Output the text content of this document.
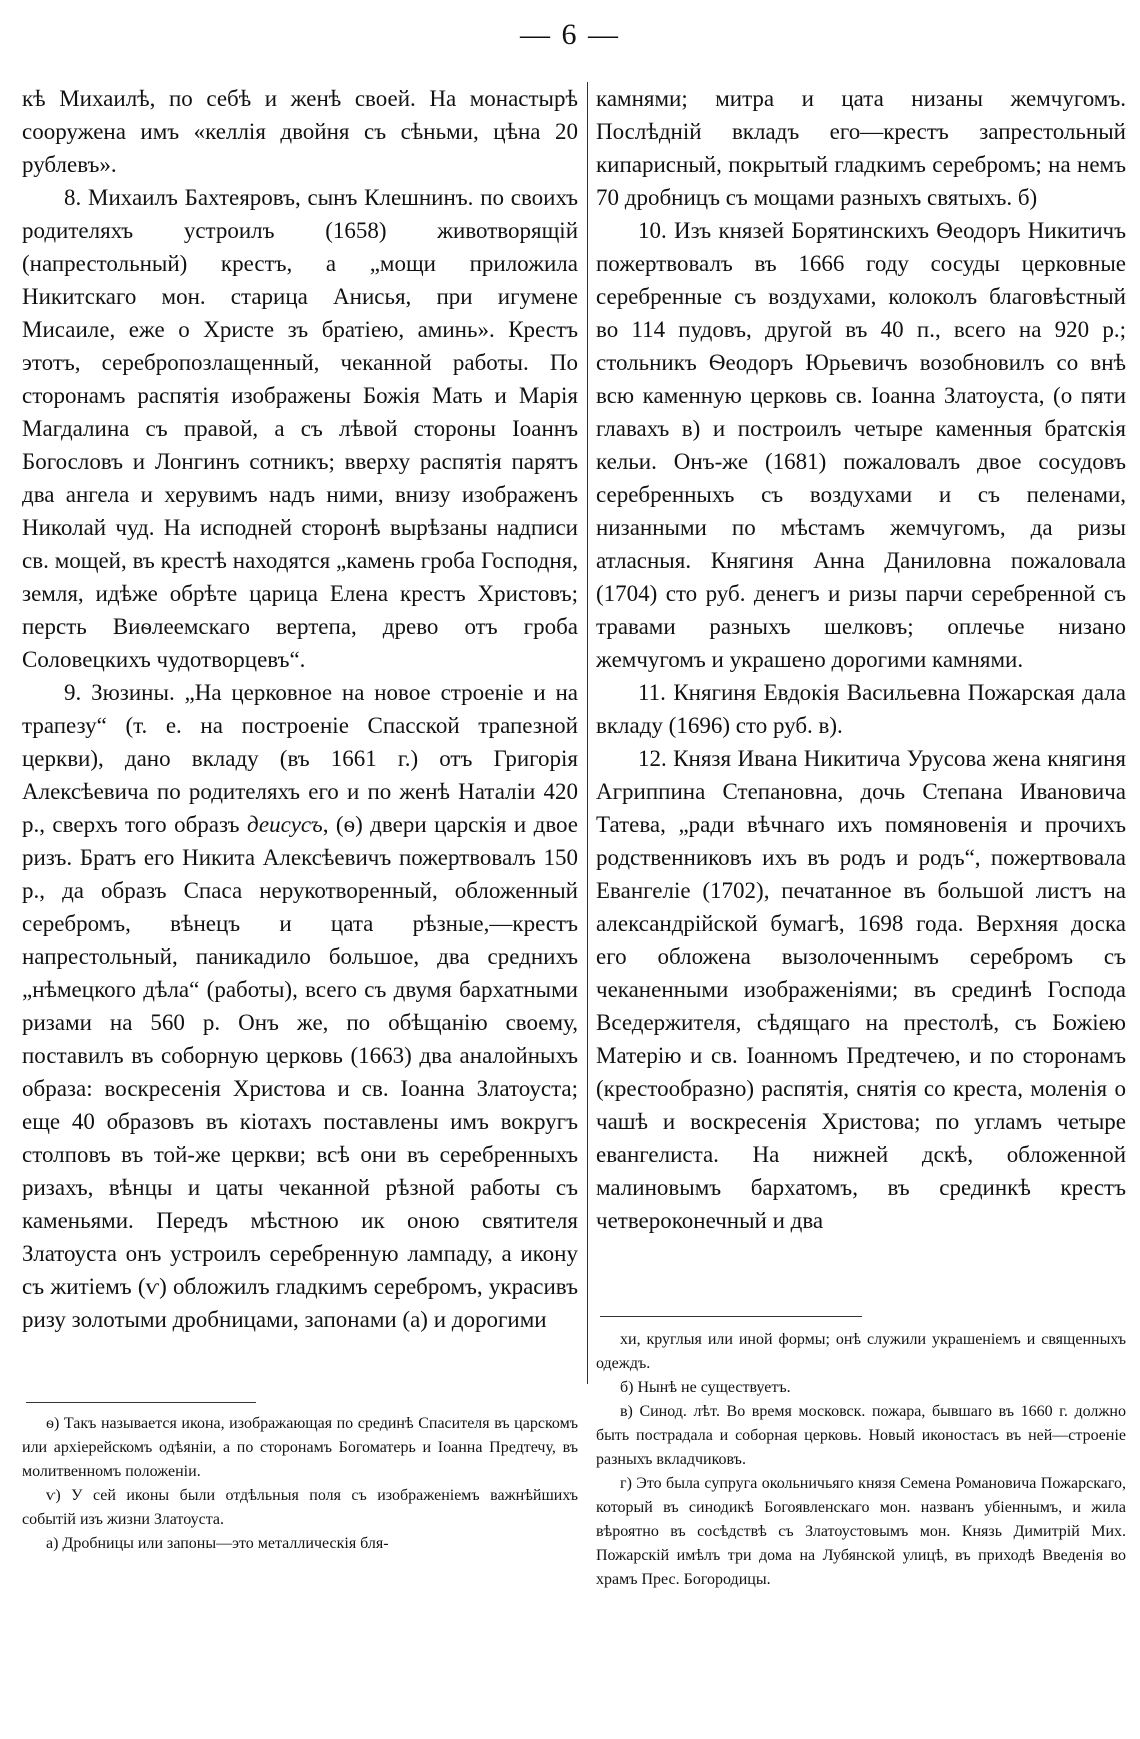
— 6 —

кѣ Михаилѣ, по себѣ и женѣ своей. На монастырѣ сооружена имъ «келлія двойня съ сѣньми, цѣна 20 рублевъ».

8. Михаилъ Бахтеяровъ, сынъ Клешнинъ. по своихъ родителяхъ устроилъ (1658) животворящій (напрестольный) крестъ, а „мощи приложила Никитскаго мон. старица Анисья, при игумене Мисаиле, еже о Христе зъ братіею, аминь». Крестъ этотъ, серебропозлащенный, чеканной работы. По сторонамъ распятія изображены Божія Мать и Марія Магдалина съ правой, а съ лѣвой стороны Іоаннъ Богословъ и Лонгинъ сотникъ; вверху распятія парятъ два ангела и херувимъ надъ ними, внизу изображенъ Николай чуд. На исподней сторонѣ вырѣзаны надписи св. мощей, въ крестѣ находятся „камень гроба Господня, земля, идѣже обрѣте царица Елена крестъ Христовъ; персть Виѳлеемскаго вертепа, древо отъ гроба Соловецкихъ чудотворцевъ“.

9. Зюзины. „На церковное на новое строеніе и на трапезу“ (т. е. на построеніе Спасской трапезной церкви), дано вкладу (въ 1661 г.) отъ Григорія Алексѣевича по родителяхъ его и по женѣ Наталіи 420 р., сверхъ того образъ деисусъ, (ѳ) двери царскія и двое ризъ. Братъ его Никита Алексѣевичъ пожертвовалъ 150 р., да образъ Спаса нерукотворенный, обложенный серебромъ, вѣнецъ и цата рѣзные,—крестъ напрестольный, паникадило большое, два среднихъ „нѣмецкого дѣла“ (работы), всего съ двумя бархатными ризами на 560 р. Онъ же, по обѣщанію своему, поставилъ въ соборную церковь (1663) два аналойныхъ образа: воскресенія Христова и св. Іоанна Златоуста; еще 40 образовъ въ кіотахъ поставлены имъ вокругъ столповъ въ той-же церкви; всѣ они въ серебренныхъ ризахъ, вѣнцы и цаты чеканной рѣзной работы съ каменьями. Передъ мѣстною ик оною святителя Златоуста онъ устроилъ серебренную лампаду, а икону съ житіемъ (ѵ) обложилъ гладкимъ серебромъ, украсивъ ризу золотыми дробницами, запонами (а) и дорогими

ѳ) Такъ называется икона, изображающая по срединѣ Спасителя въ царскомъ или архіерейскомъ одѣяніи, а по сторонамъ Богоматерь и Іоанна Предтечу, въ молитвенномъ положеніи.

ѵ) У сей иконы были отдѣльныя поля съ изображеніемъ важнѣйшихъ событій изъ жизни Златоуста.

а) Дробницы или запоны—это металлическія бля-

камнями; митра и цата низаны жемчугомъ. Послѣдній вкладъ его—крестъ запрестольный кипарисный, покрытый гладкимъ серебромъ; на немъ 70 дробницъ съ мощами разныхъ святыхъ. б)

10. Изъ князей Борятинскихъ Ѳеодоръ Никитичъ пожертвовалъ въ 1666 году сосуды церковные серебренные съ воздухами, колоколъ благовѣстный во 114 пудовъ, другой въ 40 п., всего на 920 р.; стольникъ Ѳеодоръ Юрьевичъ возобновилъ со внѣ всю каменную церковь св. Іоанна Златоуста, (о пяти главахъ в) и построилъ четыре каменныя братскія кельи. Онъ-же (1681) пожаловалъ двое сосудовъ серебренныхъ съ воздухами и съ пеленами, низанными по мѣстамъ жемчугомъ, да ризы атласныя. Княгиня Анна Даниловна пожаловала (1704) сто руб. денегъ и ризы парчи серебренной съ травами разныхъ шелковъ; оплечье низано жемчугомъ и украшено дорогими камнями.

11. Княгиня Евдокія Васильевна Пожарская дала вкладу (1696) сто руб. в).

12. Князя Ивана Никитича Урусова жена княгиня Агриппина Степановна, дочь Степана Ивановича Татева, „ради вѣчнаго ихъ помяновенія и прочихъ родственниковъ ихъ въ родъ и родъ“, пожертвовала Евангеліе (1702), печатанное въ большой листъ на александрійской бумагѣ, 1698 года. Верхняя доска его обложена вызолоченнымъ серебромъ съ чеканенными изображеніями; въ срединѣ Господа Вседержителя, сѣдящаго на престолѣ, съ Божіею Матерію и св. Іоанномъ Предтечею, и по сторонамъ (крестообразно) распятія, снятія со креста, моленія о чашѣ и воскресенія Христова; по угламъ четыре евангелиста. На нижней дскѣ, обложенной малиновымъ бархатомъ, въ срединкѣ крестъ четвероконечный и два

хи, круглыя или иной формы; онѣ служили украшеніемъ и священныхъ одеждъ.

б) Нынѣ не существуетъ.

в) Синод. лѣт. Во время московск. пожара, бывшаго въ 1660 г. должно быть пострадала и соборная церковь. Новый иконостасъ въ ней—строеніе разныхъ вкладчиковъ.

г) Это была супруга окольничьяго князя Семена Романовича Пожарскаго, который въ синодикѣ Богоявленскаго мон. названъ убіеннымъ, и жила вѣроятно въ сосѣдствѣ съ Златоустовымъ мон. Князь Димитрій Мих. Пожарскій имѣлъ три дома на Лубянской улицѣ, въ приходѣ Введенія во храмъ Прес. Богородицы.
